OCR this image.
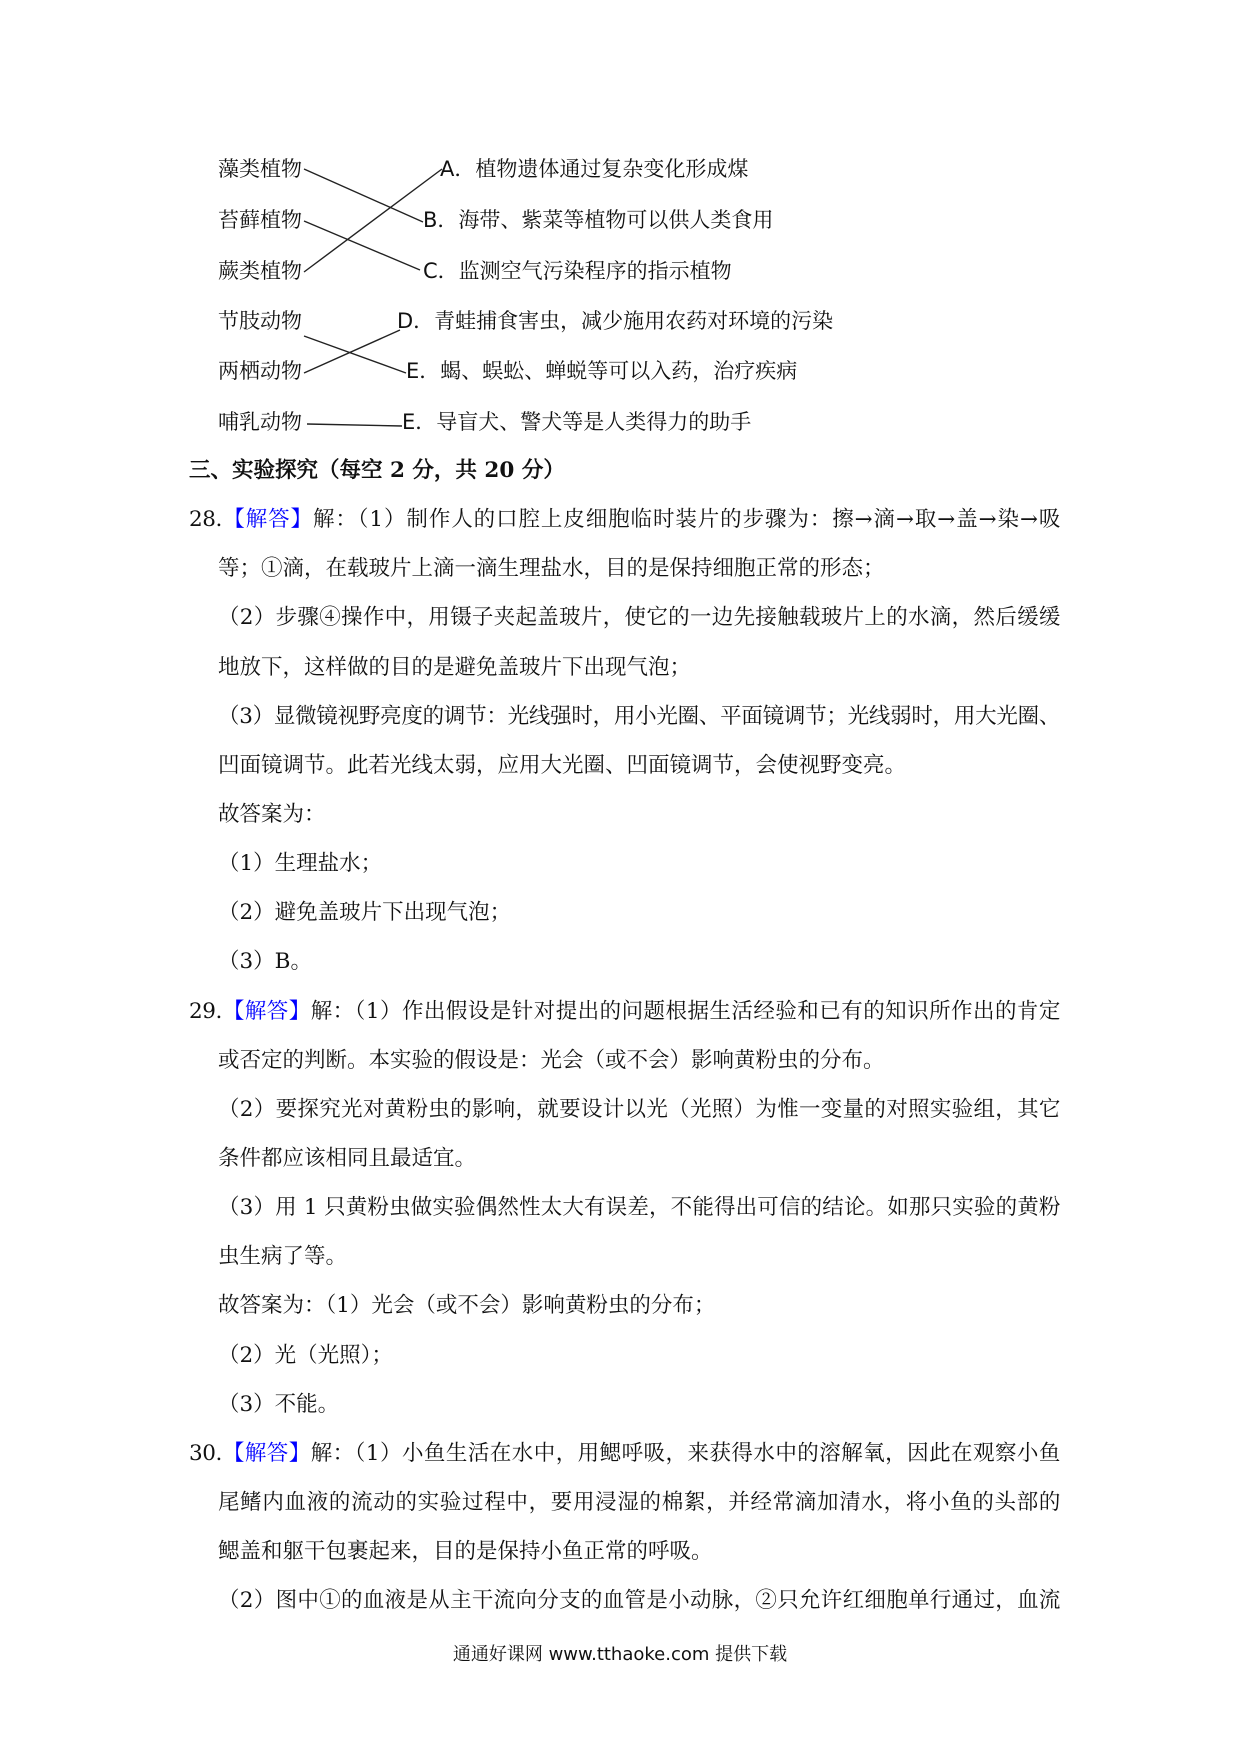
藻类植物
苔藓植物
蕨类植物
节肢动物
两栖动物
哺乳动物
A．植物遗体通过复杂变化形成煤
B．海带、紫菜等植物可以供人类食用
C．监测空气污染程序的指示植物
D．青蛙捕食害虫，减少施用农药对环境的污染
E．蝎、蜈蚣、蝉蜕等可以入药，治疗疾病
E．导盲犬、警犬等是人类得力的助手
三、实验探究（每空 2 分，共 20 分）
28.【解答】解：（1）制作人的口腔上皮细胞临时装片的步骤为：擦→滴→取→盖→染→吸
等；①滴，在载玻片上滴一滴生理盐水，目的是保持细胞正常的形态；
（2）步骤④操作中，用镊子夹起盖玻片，使它的一边先接触载玻片上的水滴，然后缓缓
地放下，这样做的目的是避免盖玻片下出现气泡；
（3）显微镜视野亮度的调节：光线强时，用小光圈、平面镜调节；光线弱时，用大光圈、
凹面镜调节。此若光线太弱，应用大光圈、凹面镜调节，会使视野变亮。
故答案为：
（1）生理盐水；
（2）避免盖玻片下出现气泡；
（3）B。
29.【解答】解：（1）作出假设是针对提出的问题根据生活经验和已有的知识所作出的肯定
或否定的判断。本实验的假设是：光会（或不会）影响黄粉虫的分布。
（2）要探究光对黄粉虫的影响，就要设计以光（光照）为惟一变量的对照实验组，其它
条件都应该相同且最适宜。
（3）用 1 只黄粉虫做实验偶然性太大有误差，不能得出可信的结论。如那只实验的黄粉
虫生病了等。
故答案为：（1）光会（或不会）影响黄粉虫的分布；
（2）光（光照）；
（3）不能。
30.【解答】解：（1）小鱼生活在水中，用鳃呼吸，来获得水中的溶解氧，因此在观察小鱼
尾鳍内血液的流动的实验过程中，要用浸湿的棉絮，并经常滴加清水，将小鱼的头部的
鳃盖和躯干包裹起来，目的是保持小鱼正常的呼吸。
（2）图中①的血液是从主干流向分支的血管是小动脉，②只允许红细胞单行通过，血流
通通好课网 www.tthaoke.com 提供下载
